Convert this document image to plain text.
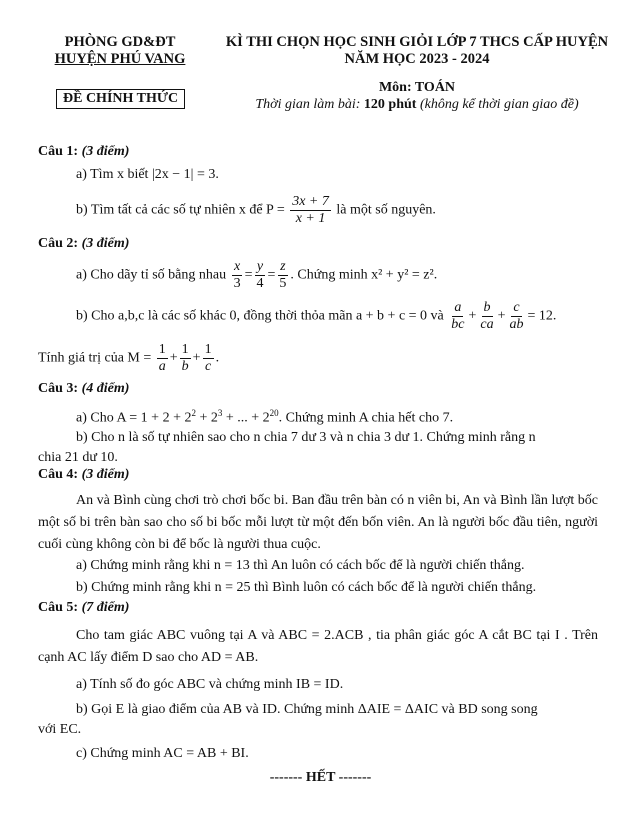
PHÒNG GD&ĐT
HUYỆN PHÚ VANG
KÌ THI CHỌN HỌC SINH GIỎI LỚP 7 THCS CẤP HUYỆN
NĂM HỌC 2023 - 2024
ĐỀ CHÍNH THỨC
Môn: TOÁN
Thời gian làm bài: 120 phút (không kể thời gian giao đề)
Câu 1: (3 điểm)
a) Tìm x biết |2x − 1| = 3.
b) Tìm tất cả các số tự nhiên x để $P = \frac{3x + 7}{x + 1}$ là một số nguyên.
Câu 2: (3 điểm)
a) Cho dãy tỉ số bằng nhau $\frac{x}{3} = \frac{y}{4} = \frac{z}{5}$ . Chứng minh x² + y² = z².
b) Cho a,b,c là các số khác 0, đồng thời thỏa mãn a + b + c = 0 và $\frac{a}{bc} + \frac{b}{ca} + \frac{c}{ab} = 12$.
Tính giá trị của $M = \frac{1}{a} + \frac{1}{b} + \frac{1}{c}$ .
Câu 3: (4 điểm)
a) Cho $A = 1 + 2 + 2^2 + 2^3$ + ... + $2^{20}$. Chứng minh A chia hết cho 7.
b) Cho n là số tự nhiên sao cho n chia 7 dư 3 và n chia 3 dư 1. Chứng minh rằng n
chia 21 dư 10.
Câu 4: (3 điểm)
An và Bình cùng chơi trò chơi bốc bi. Ban đầu trên bàn có n viên bi, An và Bình lần lượt bốc một số bi trên bàn sao cho số bi bốc mỗi lượt từ một đến bốn viên. An là người bốc đầu tiên, người cuối cùng không còn bi để bốc là người thua cuộc.
a) Chứng minh rằng khi n = 13 thì An luôn có cách bốc để là người chiến thắng.
b) Chứng minh rằng khi n = 25 thì Bình luôn có cách bốc để là người chiến thắng.
Câu 5: (7 điểm)
Cho tam giác ABC vuông tại A và ABC = 2.ACB , tia phân giác góc A cắt BC tại I . Trên cạnh AC lấy điểm D sao cho AD = AB.
a) Tính số đo góc ABC và chứng minh IB = ID.
b) Gọi E là giao điểm của AB và ID. Chứng minh ΔAIE = ΔAIC và BD song song
với EC.
c) Chứng minh AC = AB + BI.
------- HẾT -------
